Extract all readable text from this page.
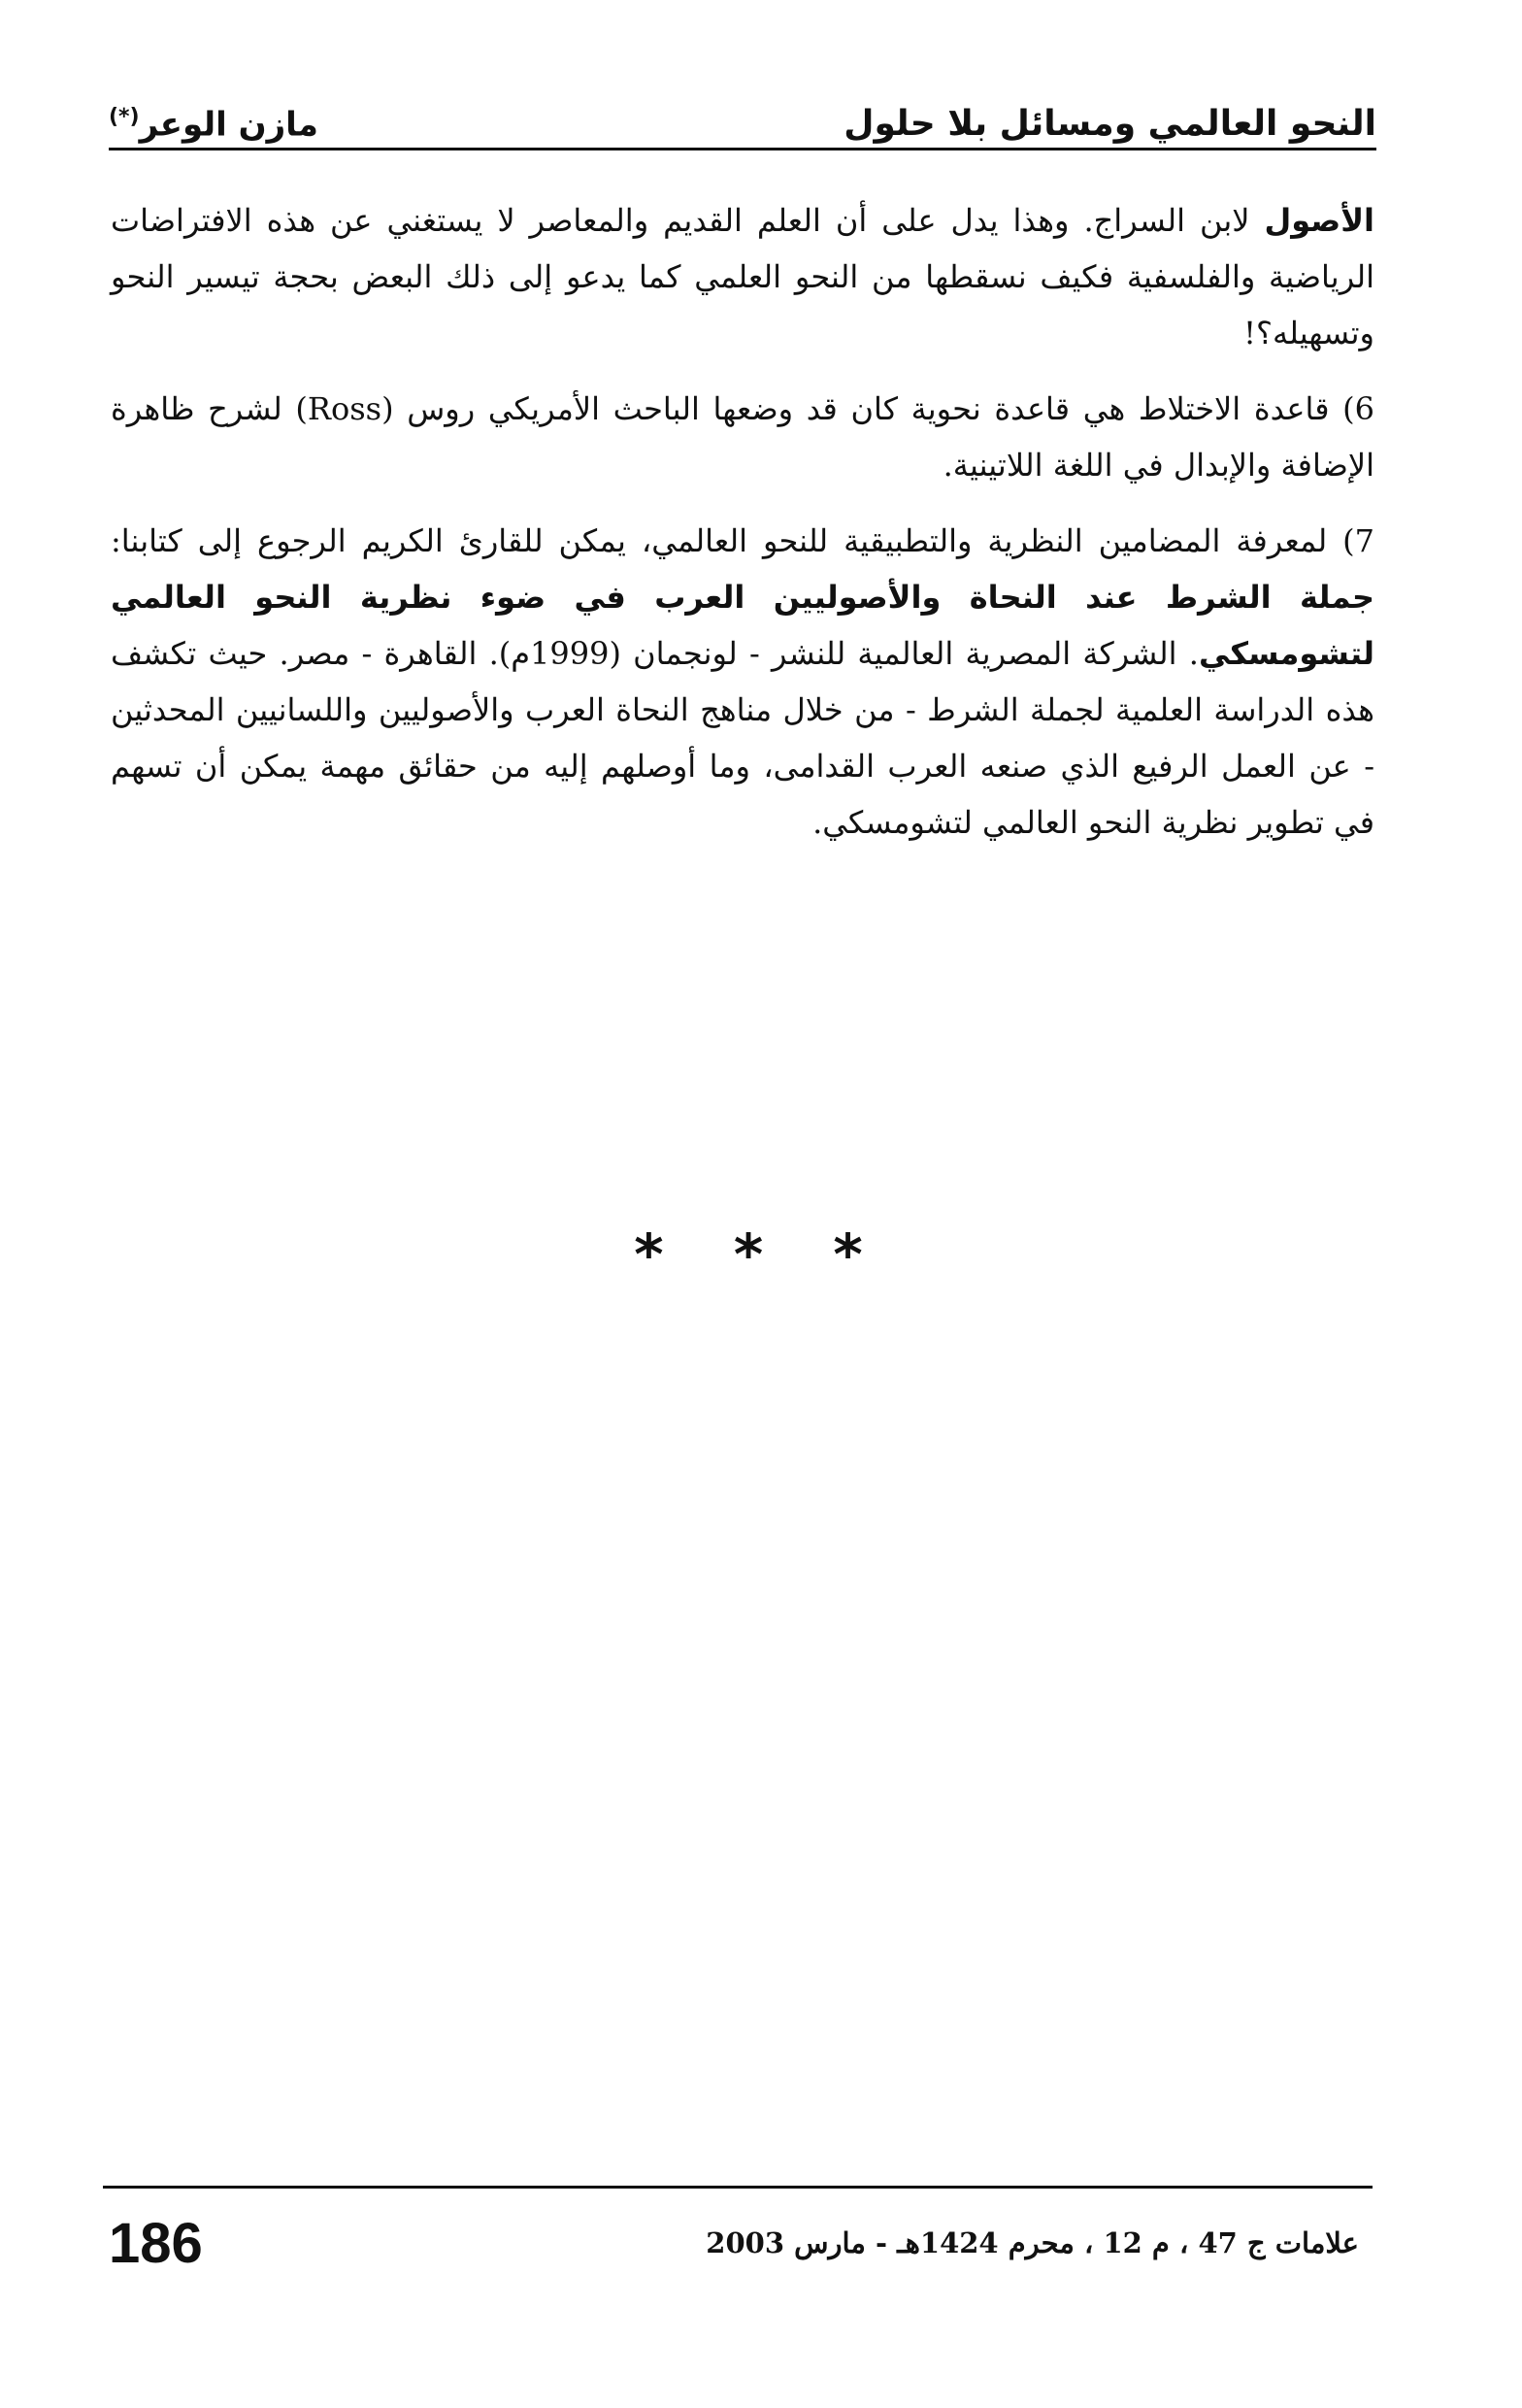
النحو العالمي ومسائل بلا حلول
مازن الوعر(*)

الأصول لابن السراج. وهذا يدل على أن العلم القديم والمعاصر لا يستغني عن هذه الافتراضات الرياضية والفلسفية فكيف نسقطها من النحو العلمي كما يدعو إلى ذلك البعض بحجة تيسير النحو وتسهيله؟!

6) قاعدة الاختلاط هي قاعدة نحوية كان قد وضعها الباحث الأمريكي روس (Ross) لشرح ظاهرة الإضافة والإبدال في اللغة اللاتينية.

7) لمعرفة المضامين النظرية والتطبيقية للنحو العالمي، يمكن للقارئ الكريم الرجوع إلى كتابنا: جملة الشرط عند النحاة والأصوليين العرب في ضوء نظرية النحو العالمي لتشومسكي. الشركة المصرية العالمية للنشر - لونجمان (1999م). القاهرة - مصر. حيث تكشف هذه الدراسة العلمية لجملة الشرط - من خلال مناهج النحاة العرب والأصوليين واللسانيين المحدثين - عن العمل الرفيع الذي صنعه العرب القدامى، وما أوصلهم إليه من حقائق مهمة يمكن أن تسهم في تطوير نظرية النحو العالمي لتشومسكي.

* * *
علامات ج 47 ، م 12 ، محرم 1424هـ - مارس 2003
186
